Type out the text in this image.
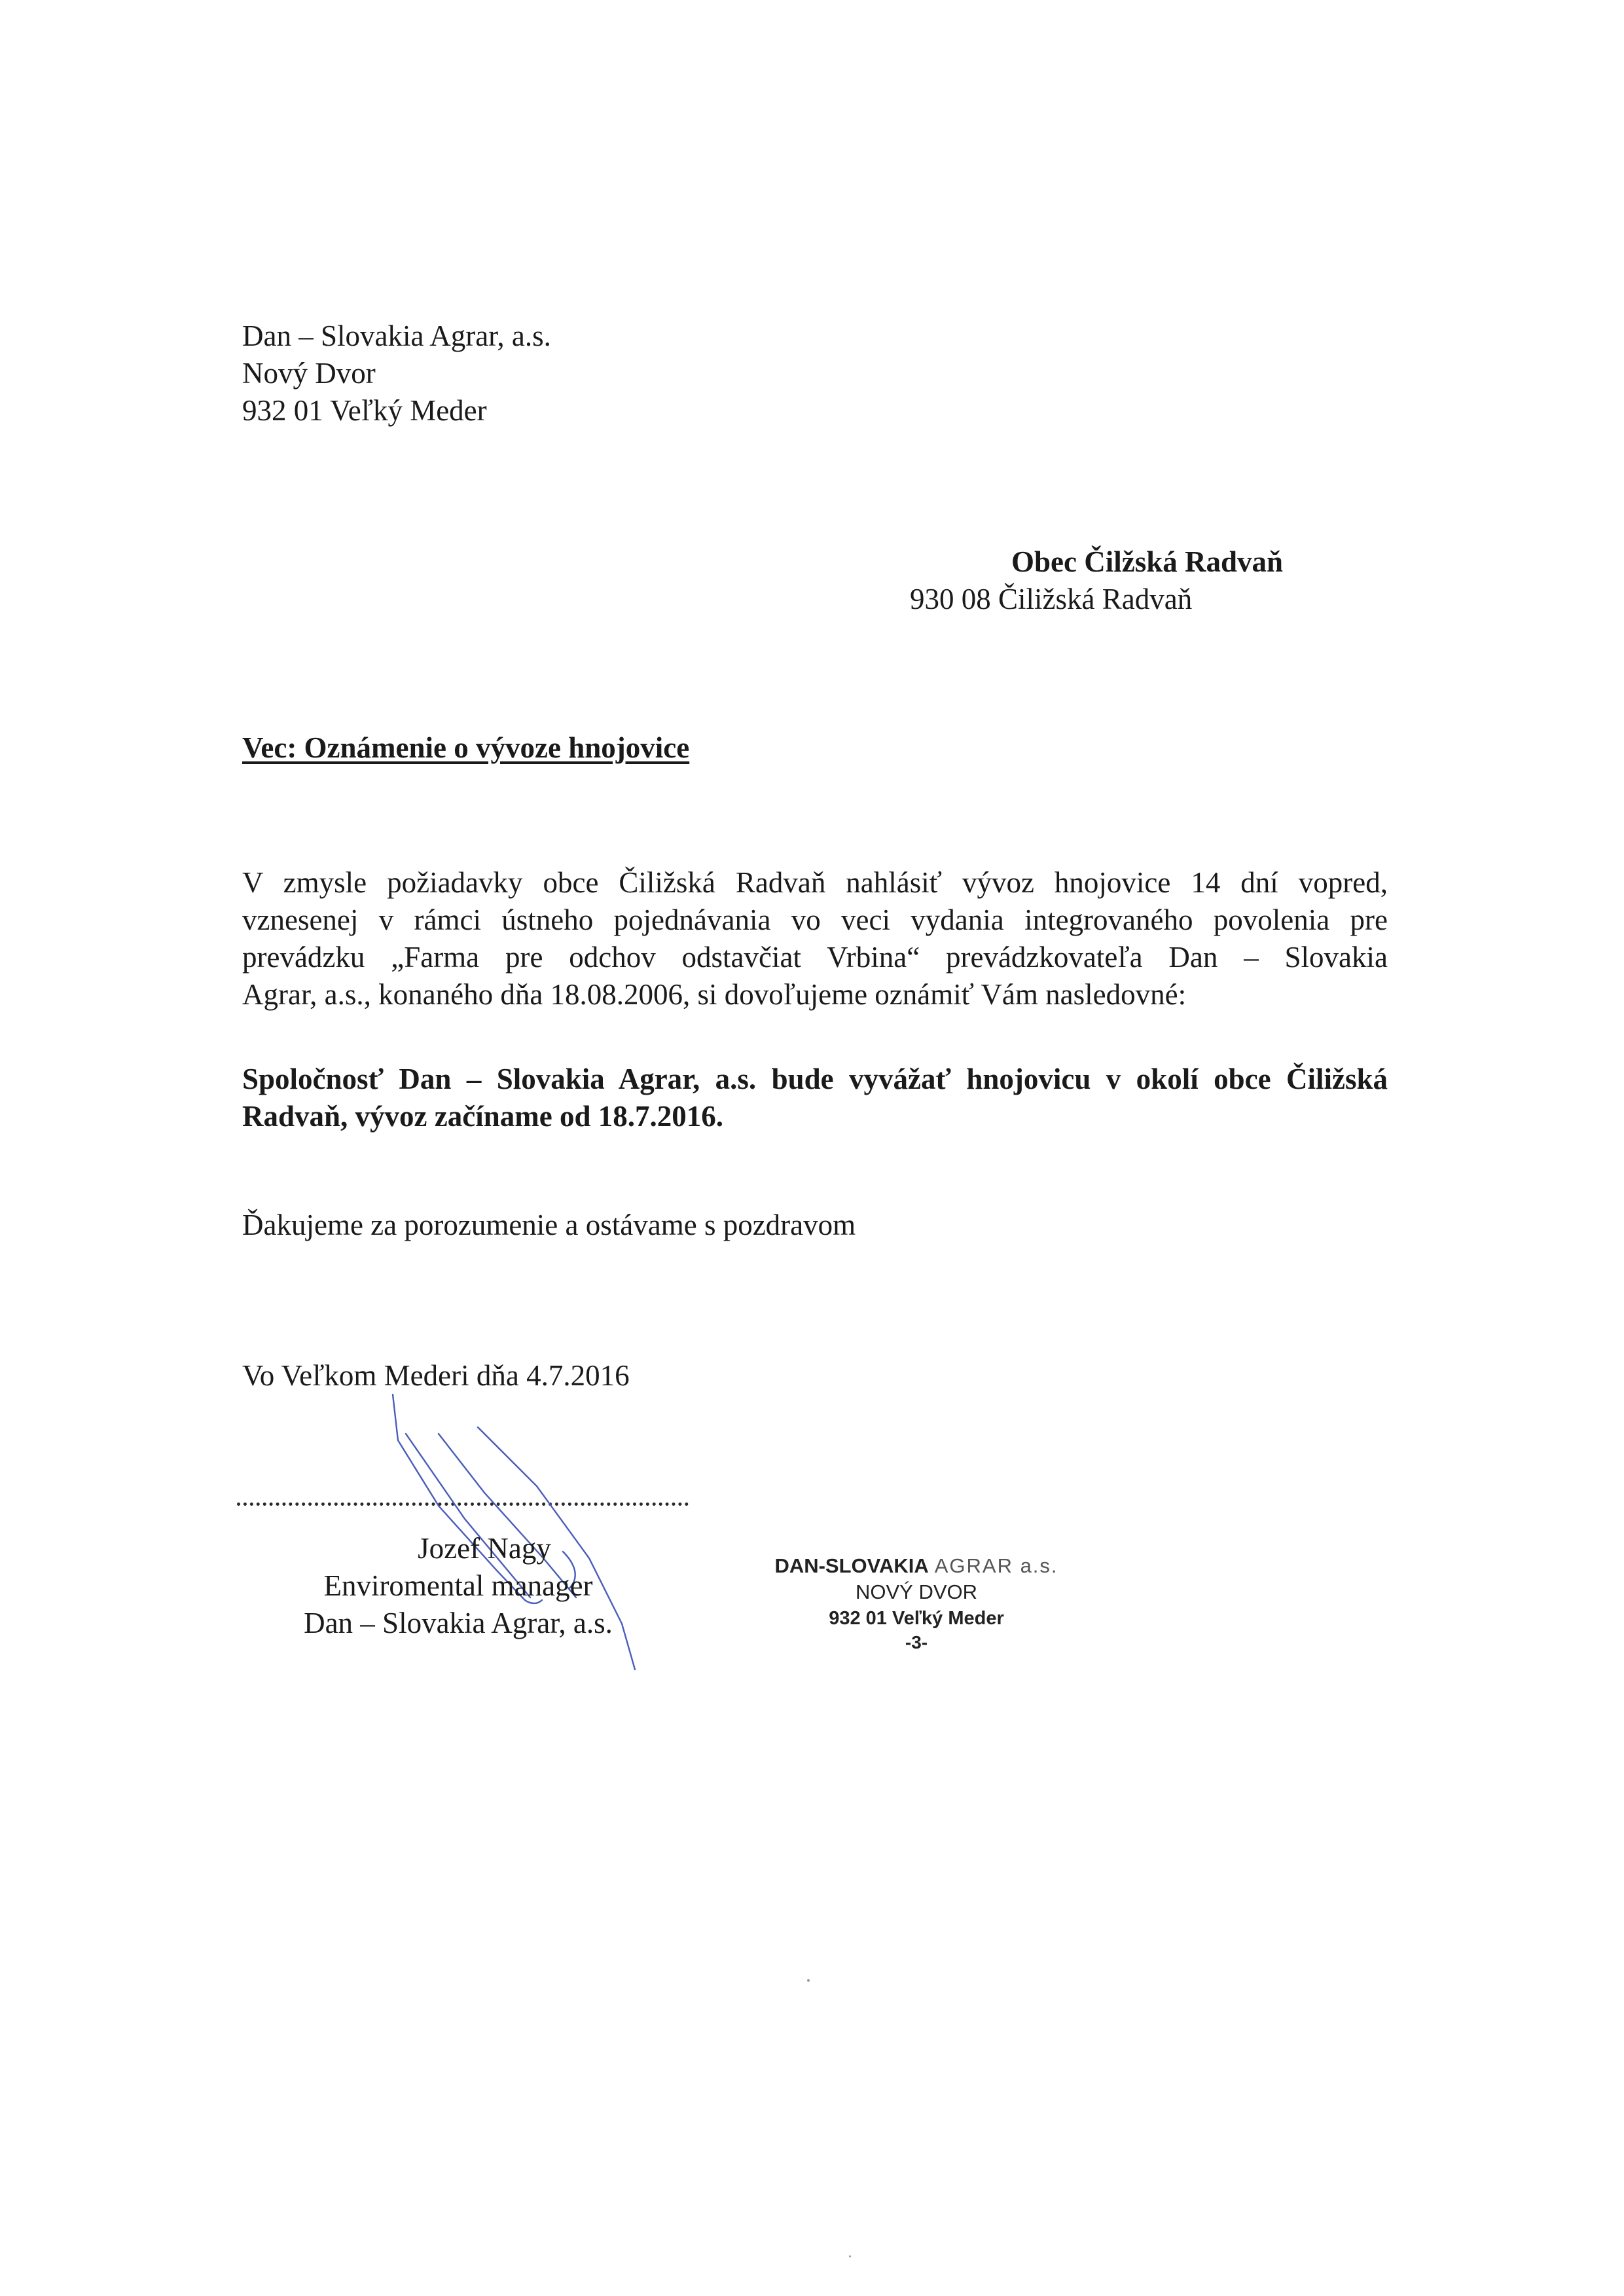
Dan – Slovakia Agrar, a.s.
Nový Dvor
932 01 Veľký Meder
Obec Čilžská Radvaň
930 08 Čiližská Radvaň
Vec: Oznámenie o vývoze hnojovice
V zmysle požiadavky obce Čiližská Radvaň nahlásiť vývoz hnojovice 14 dní vopred,
vznesenej v rámci ústneho pojednávania vo veci vydania integrovaného povolenia pre
prevádzku „Farma pre odchov odstavčiat Vrbina“ prevádzkovateľa Dan – Slovakia
Agrar, a.s., konaného dňa 18.08.2006, si dovoľujeme oznámiť Vám nasledovné:
Spoločnosť Dan – Slovakia Agrar, a.s. bude vyvážať hnojovicu v okolí obce Čiližská
Radvaň, vývoz začíname od 18.7.2016.
Ďakujeme za porozumenie a ostávame s pozdravom
Vo Veľkom Mederi dňa 4.7.2016
Jozef Nagy
Enviromental manager
Dan – Slovakia Agrar, a.s.
DAN-SLOVAKIA AGRAR a.s.
NOVÝ DVOR
932 01 Veľký Meder
-3-
